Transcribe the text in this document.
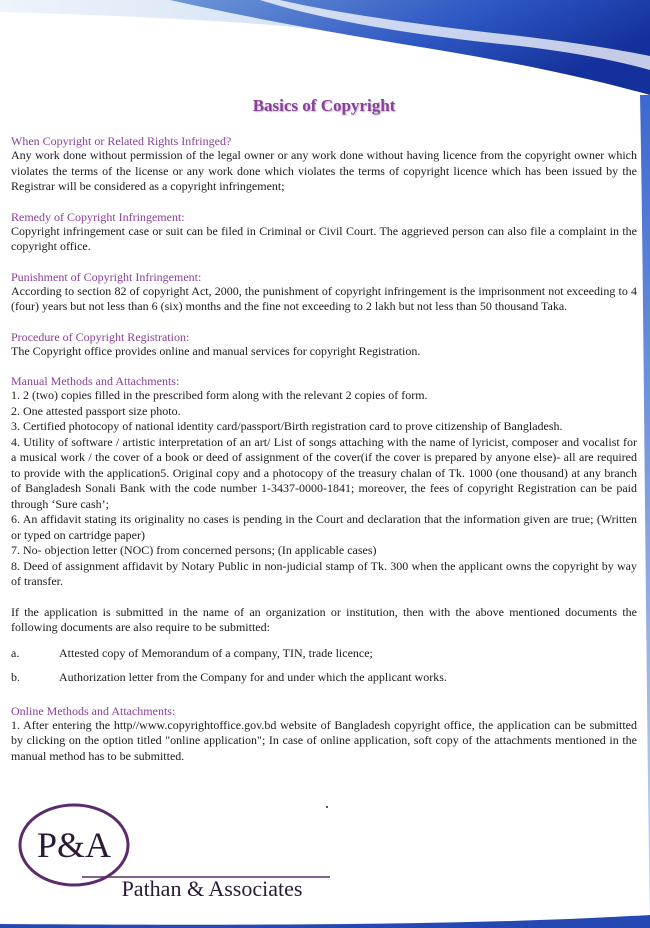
Basics of Copyright
When Copyright or Related Rights Infringed?

Any work done without permission of the legal owner or any work done without having licence from the copyright owner which violates the terms of the license or any work done which violates the terms of copyright licence which has been issued by the Registrar will be considered as a copyright infringement;

Remedy of Copyright Infringement:

Copyright infringement case or suit can be filed in Criminal or Civil Court. The aggrieved person can also file a complaint in the copyright office.

Punishment of Copyright Infringement:

According to section 82 of copyright Act, 2000, the punishment of copyright infringement is the imprisonment not exceeding to 4 (four) years but not less than 6 (six) months and the fine not exceeding to 2 lakh but not less than 50 thousand Taka.

Procedure of Copyright Registration:

The Copyright office provides online and manual services for copyright Registration.

Manual Methods and Attachments:
1. 2 (two) copies filled in the prescribed form along with the relevant 2 copies of form.
2. One attested passport size photo.
3. Certified photocopy of national identity card/passport/Birth registration card to prove citizenship of Bangladesh.
4. Utility of software / artistic interpretation of an art/ List of songs attaching with the name of lyricist, composer and vocalist for a musical work / the cover of a book or deed of assignment of the cover(if the cover is prepared by anyone else)- all are required to provide with the application5. Original copy and a photocopy of the treasury chalan of Tk. 1000 (one thousand) at any branch of Bangladesh Sonali Bank with the code number 1-3437-0000-1841; moreover, the fees of copyright Registration can be paid through ‘Sure cash’;
6. An affidavit stating its originality no cases is pending in the Court and declaration that the information given are true; (Written or typed on cartridge paper)
7. No- objection letter (NOC) from concerned persons; (In applicable cases)
8. Deed of assignment affidavit by Notary Public in non-judicial stamp of Tk. 300 when the applicant owns the copyright by way of transfer.

If the application is submitted in the name of an organization or institution, then with the above mentioned documents the following documents are also require to be submitted:

a.	Attested copy of Memorandum of a company, TIN, trade licence;
b.	Authorization letter from the Company for and under which the applicant works.
Online Methods and Attachments:

1. After entering the http//www.copyrightoffice.gov.bd website of Bangladesh copyright office, the application can be submitted by clicking on the option titled "online application"; In case of online application, soft copy of the attachments mentioned in the manual method has to be submitted.

P&A
Pathan & Associates
